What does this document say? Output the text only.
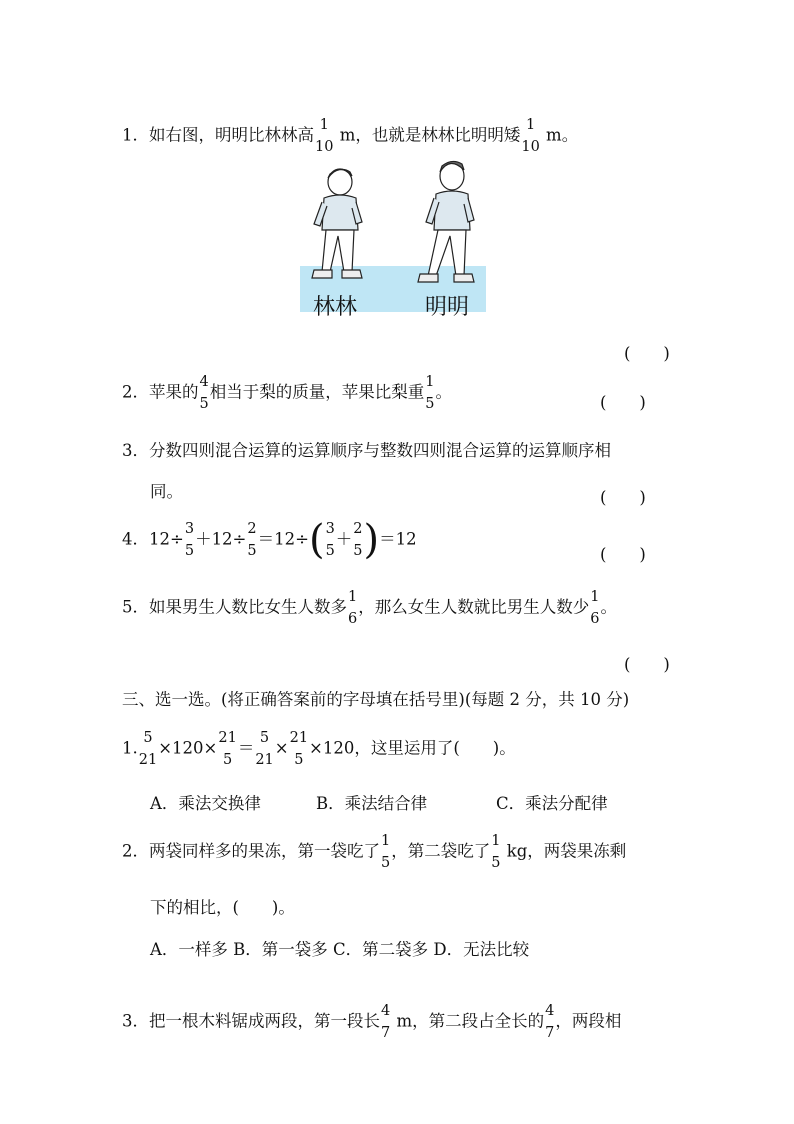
1．如右图，明明比林林高
1
10
m，也就是林林比明明矮
1
10
m。
林林	明明
(　　)
2．苹果的
4
5
相当于梨的质量，苹果比梨重
1
5
。
(　　)
3．分数四则混合运算的运算顺序与整数四则混合运算的运算顺序相
同。	(　　)
4．12÷
3
5
＋12÷
2
5
＝12÷( 3
5
＋
2
5 )＝12
(　　)
5．如果男生人数比女生人数多
1
6
，那么女生人数就比男生人数少
1
6
。
(　　)
三、选一选。(将正确答案前的字母填在括号里)(每题 2 分，共 10 分)
1.
5
21
×120×
21
5
＝
5
21
×
21
5
×120，这里运用了(　　)。
A．乘法交换律	B．乘法结合律	C．乘法分配律
2．两袋同样多的果冻，第一袋吃了
1
5
，第二袋吃了
1
5
kg，两袋果冻剩
下的相比，(　　)。
A．一样多 B．第一袋多 C．第二袋多 D．无法比较
3．把一根木料锯成两段，第一段长
4
7
m，第二段占全长的
4
7
，两段相
